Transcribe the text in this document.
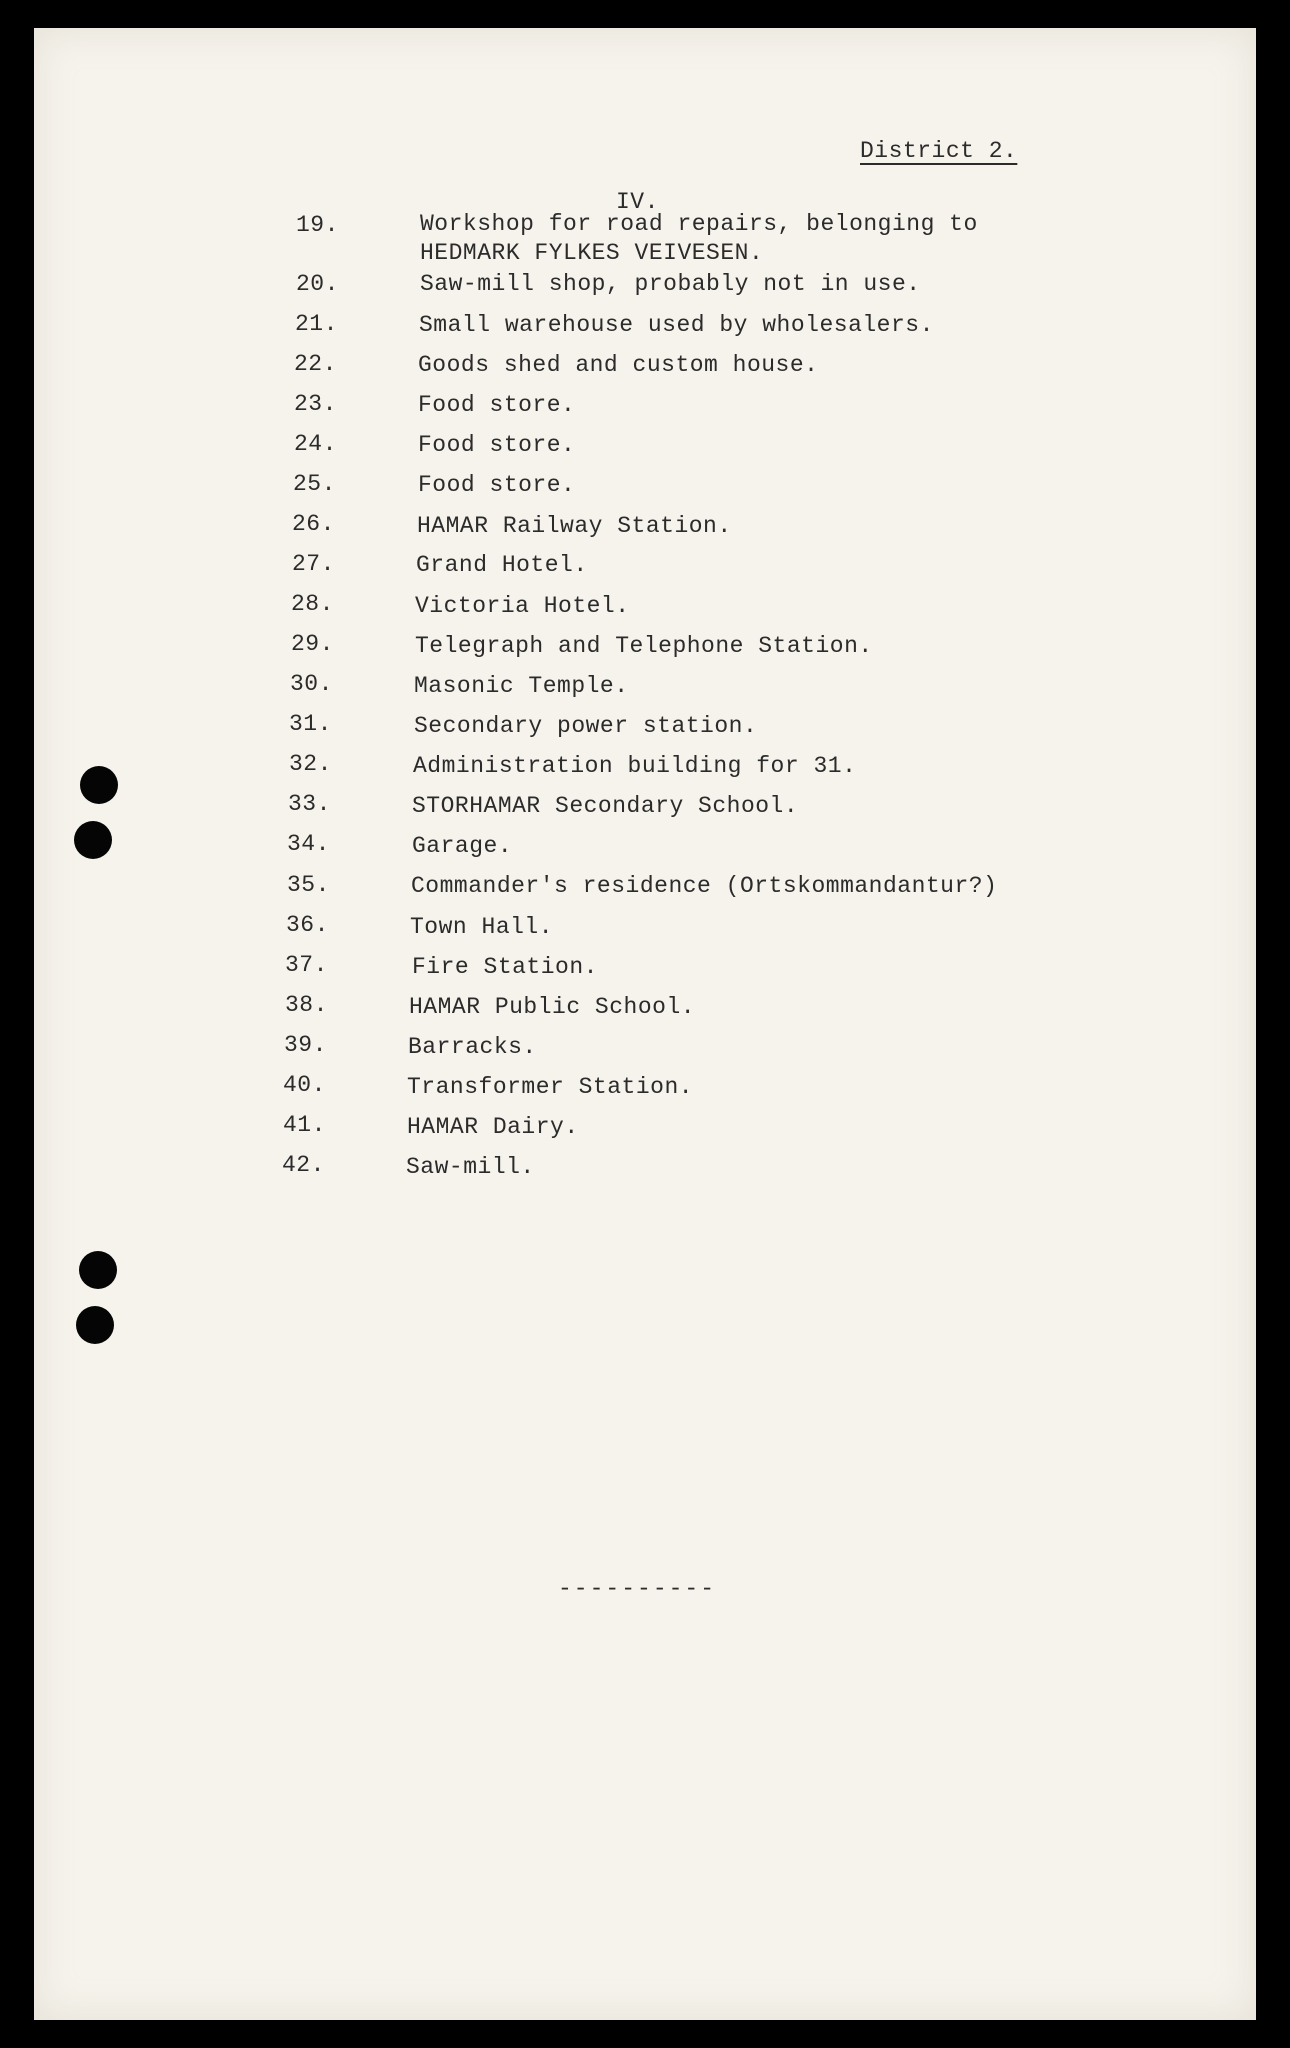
District 2.
IV.
19.	Workshop for road repairs, belonging to HEDMARK FYLKES VEIVESEN.
20.	Saw-mill shop, probably not in use.
21.	Small warehouse used by wholesalers.
22.	Goods shed and custom house.
23.	Food store.
24.	Food store.
25.	Food store.
26.	HAMAR Railway Station.
27.	Grand Hotel.
28.	Victoria Hotel.
29.	Telegraph and Telephone Station.
30.	Masonic Temple.
31.	Secondary power station.
32.	Administration building for 31.
33.	STORHAMAR Secondary School.
34.	Garage.
35.	Commander's residence (Ortskommandantur?)
36.	Town Hall.
37.	Fire Station.
38.	HAMAR Public School.
39.	Barracks.
40.	Transformer Station.
41.	HAMAR Dairy.
42.	Saw-mill.
----------
